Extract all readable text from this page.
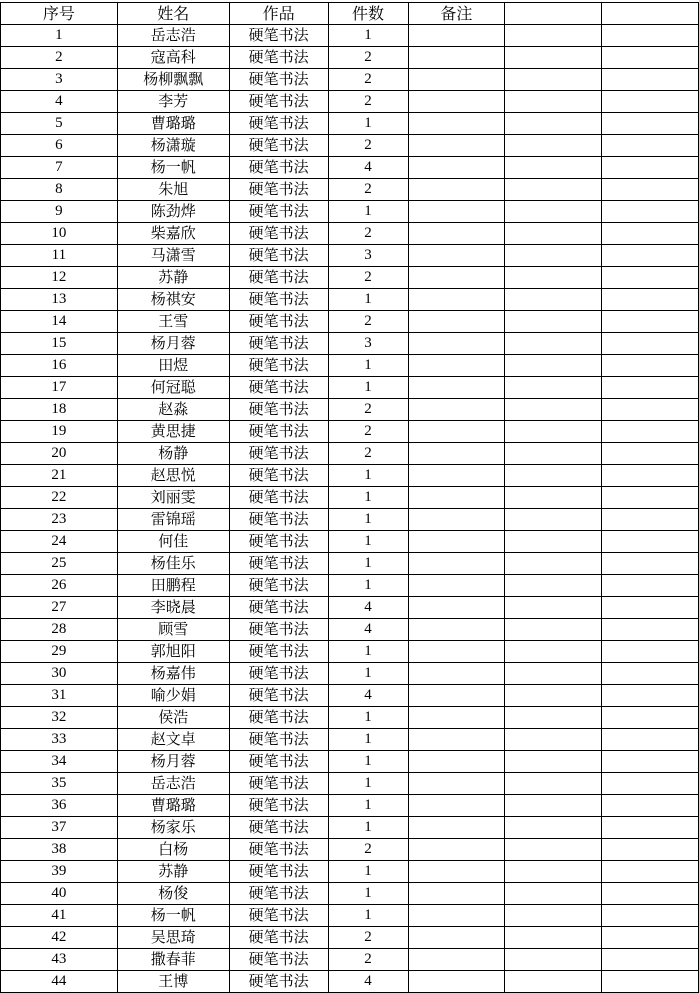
序号	姓名	作品	件数	备注		
1	岳志浩	硬笔书法	1			
2	寇高科	硬笔书法	2			
3	杨柳飘飘	硬笔书法	2			
4	李芳	硬笔书法	2			
5	曹璐璐	硬笔书法	1			
6	杨潇璇	硬笔书法	2			
7	杨一帆	硬笔书法	4			
8	朱旭	硬笔书法	2			
9	陈劲烨	硬笔书法	1			
10	柴嘉欣	硬笔书法	2			
11	马潇雪	硬笔书法	3			
12	苏静	硬笔书法	2			
13	杨祺安	硬笔书法	1			
14	王雪	硬笔书法	2			
15	杨月蓉	硬笔书法	3			
16	田煜	硬笔书法	1			
17	何冠聪	硬笔书法	1			
18	赵淼	硬笔书法	2			
19	黄思捷	硬笔书法	2			
20	杨静	硬笔书法	2			
21	赵思悦	硬笔书法	1			
22	刘丽雯	硬笔书法	1			
23	雷锦瑶	硬笔书法	1			
24	何佳	硬笔书法	1			
25	杨佳乐	硬笔书法	1			
26	田鹏程	硬笔书法	1			
27	李晓晨	硬笔书法	4			
28	顾雪	硬笔书法	4			
29	郭旭阳	硬笔书法	1			
30	杨嘉伟	硬笔书法	1			
31	喻少娟	硬笔书法	4			
32	侯浩	硬笔书法	1			
33	赵文卓	硬笔书法	1			
34	杨月蓉	硬笔书法	1			
35	岳志浩	硬笔书法	1			
36	曹璐璐	硬笔书法	1			
37	杨家乐	硬笔书法	1			
38	白杨	硬笔书法	2			
39	苏静	硬笔书法	1			
40	杨俊	硬笔书法	1			
41	杨一帆	硬笔书法	1			
42	吴思琦	硬笔书法	2			
43	撒春菲	硬笔书法	2			
44	王博	硬笔书法	4			
